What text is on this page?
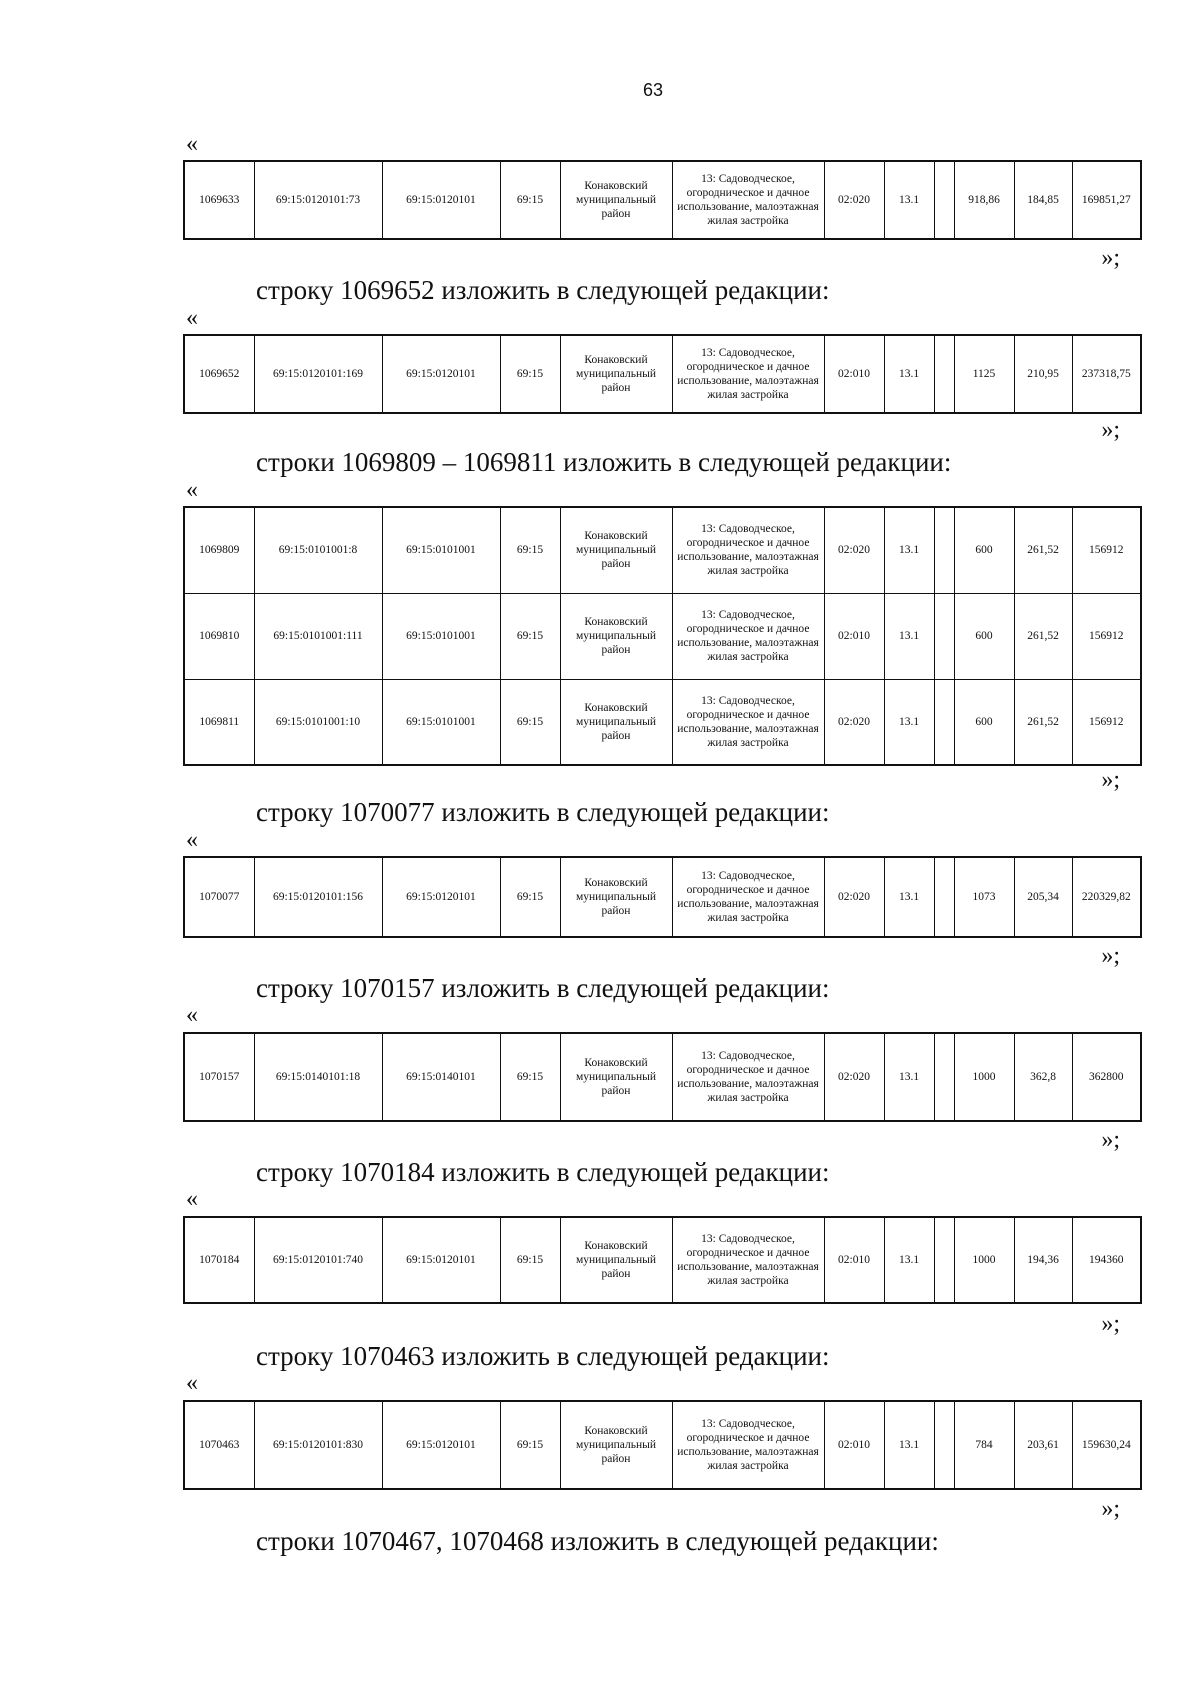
63
«
1069633	69:15:0120101:73	69:15:0120101	69:15	Конаковский муниципальный район	13: Садоводческое, огородническое и дачное использование, малоэтажная жилая застройка	02:020	13.1		918,86	184,85	169851,27
»;
строку 1069652 изложить в следующей редакции:
«
1069652	69:15:0120101:169	69:15:0120101	69:15	Конаковский муниципальный район	13: Садоводческое, огородническое и дачное использование, малоэтажная жилая застройка	02:010	13.1		1125	210,95	237318,75
»;
строки 1069809 – 1069811 изложить в следующей редакции:
«
1069809	69:15:0101001:8	69:15:0101001	69:15	Конаковский муниципальный район	13: Садоводческое, огородническое и дачное использование, малоэтажная жилая застройка	02:020	13.1		600	261,52	156912
1069810	69:15:0101001:111	69:15:0101001	69:15	Конаковский муниципальный район	13: Садоводческое, огородническое и дачное использование, малоэтажная жилая застройка	02:010	13.1		600	261,52	156912
1069811	69:15:0101001:10	69:15:0101001	69:15	Конаковский муниципальный район	13: Садоводческое, огородническое и дачное использование, малоэтажная жилая застройка	02:020	13.1		600	261,52	156912
»;
строку 1070077 изложить в следующей редакции:
«
1070077	69:15:0120101:156	69:15:0120101	69:15	Конаковский муниципальный район	13: Садоводческое, огородническое и дачное использование, малоэтажная жилая застройка	02:020	13.1		1073	205,34	220329,82
»;
строку 1070157 изложить в следующей редакции:
«
1070157	69:15:0140101:18	69:15:0140101	69:15	Конаковский муниципальный район	13: Садоводческое, огородническое и дачное использование, малоэтажная жилая застройка	02:020	13.1		1000	362,8	362800
»;
строку 1070184 изложить в следующей редакции:
«
1070184	69:15:0120101:740	69:15:0120101	69:15	Конаковский муниципальный район	13: Садоводческое, огородническое и дачное использование, малоэтажная жилая застройка	02:010	13.1		1000	194,36	194360
»;
строку 1070463 изложить в следующей редакции:
«
1070463	69:15:0120101:830	69:15:0120101	69:15	Конаковский муниципальный район	13: Садоводческое, огородническое и дачное использование, малоэтажная жилая застройка	02:010	13.1		784	203,61	159630,24
»;
строки 1070467, 1070468 изложить в следующей редакции:
